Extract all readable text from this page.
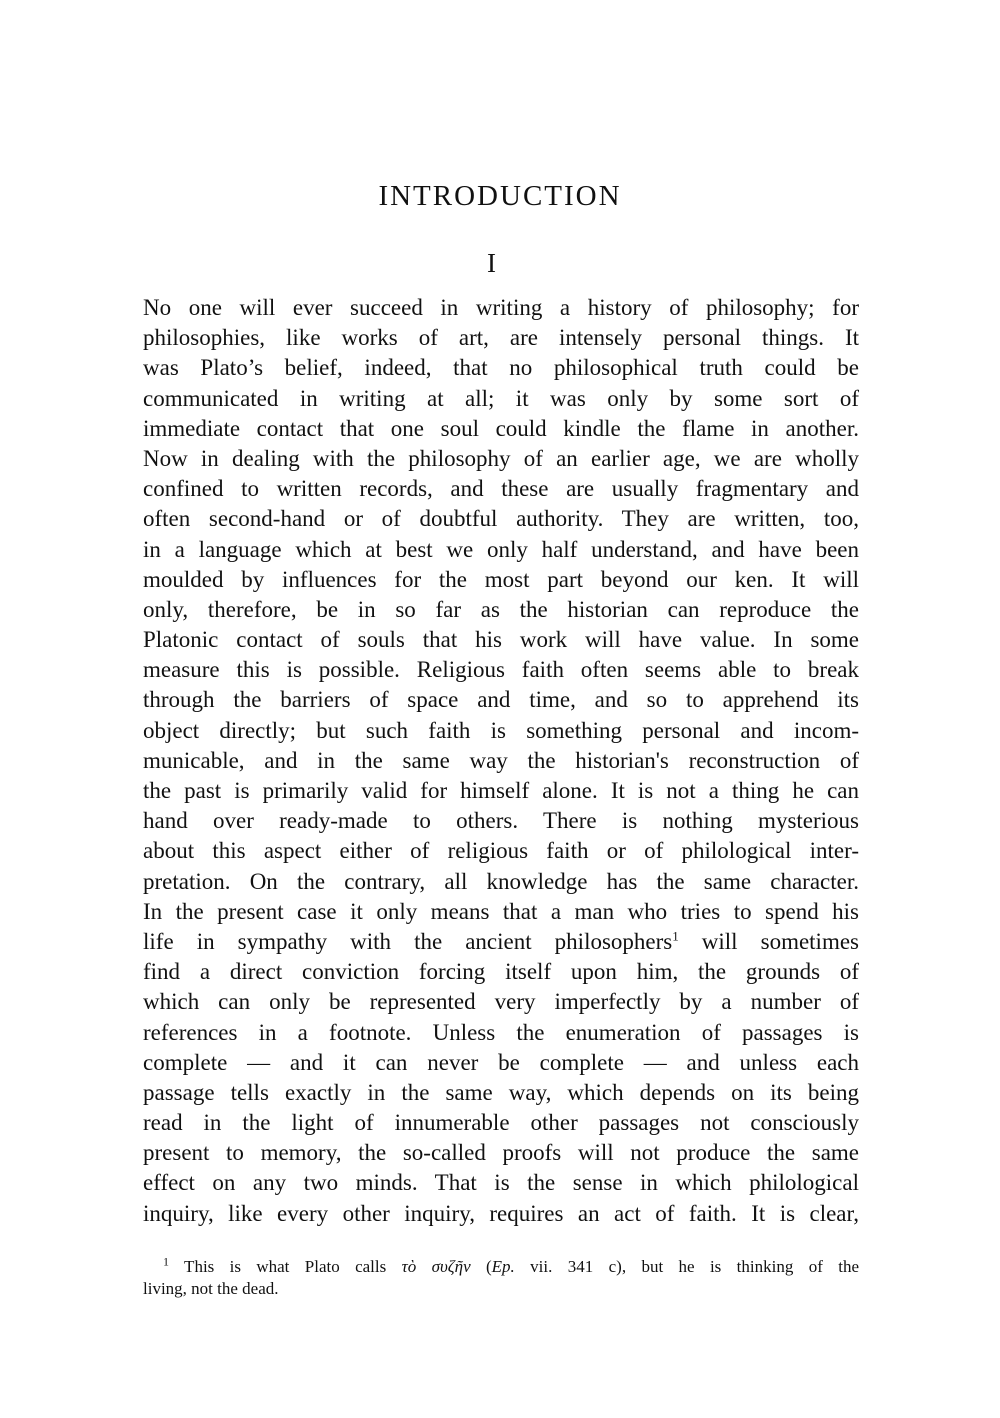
INTRODUCTION
I
No one will ever succeed in writing a history of philosophy; for
philosophies, like works of art, are intensely personal things. It
was Plato’s belief, indeed, that no philosophical truth could be
communicated in writing at all; it was only by some sort of
immediate contact that one soul could kindle the flame in another.
Now in dealing with the philosophy of an earlier age, we are wholly
confined to written records, and these are usually fragmentary and
often second-hand or of doubtful authority. They are written, too,
in a language which at best we only half understand, and have been
moulded by influences for the most part beyond our ken. It will
only, therefore, be in so far as the historian can reproduce the
Platonic contact of souls that his work will have value. In some
measure this is possible. Religious faith often seems able to break
through the barriers of space and time, and so to apprehend its
object directly; but such faith is something personal and incom-
municable, and in the same way the historian's reconstruction of
the past is primarily valid for himself alone. It is not a thing he can
hand over ready-made to others. There is nothing mysterious
about this aspect either of religious faith or of philological inter-
pretation. On the contrary, all knowledge has the same character.
In the present case it only means that a man who tries to spend his
life in sympathy with the ancient philosophers$^1$ will sometimes
find a direct conviction forcing itself upon him, the grounds of
which can only be represented very imperfectly by a number of
references in a footnote. Unless the enumeration of passages is
complete — and it can never be complete — and unless each
passage tells exactly in the same way, which depends on its being
read in the light of innumerable other passages not consciously
present to memory, the so-called proofs will not produce the same
effect on any two minds. That is the sense in which philological
inquiry, like every other inquiry, requires an act of faith. It is clear,
$^1$ This is what Plato calls τὸ συζῆν (Ep. vii. 341 c), but he is thinking of the
living, not the dead.
